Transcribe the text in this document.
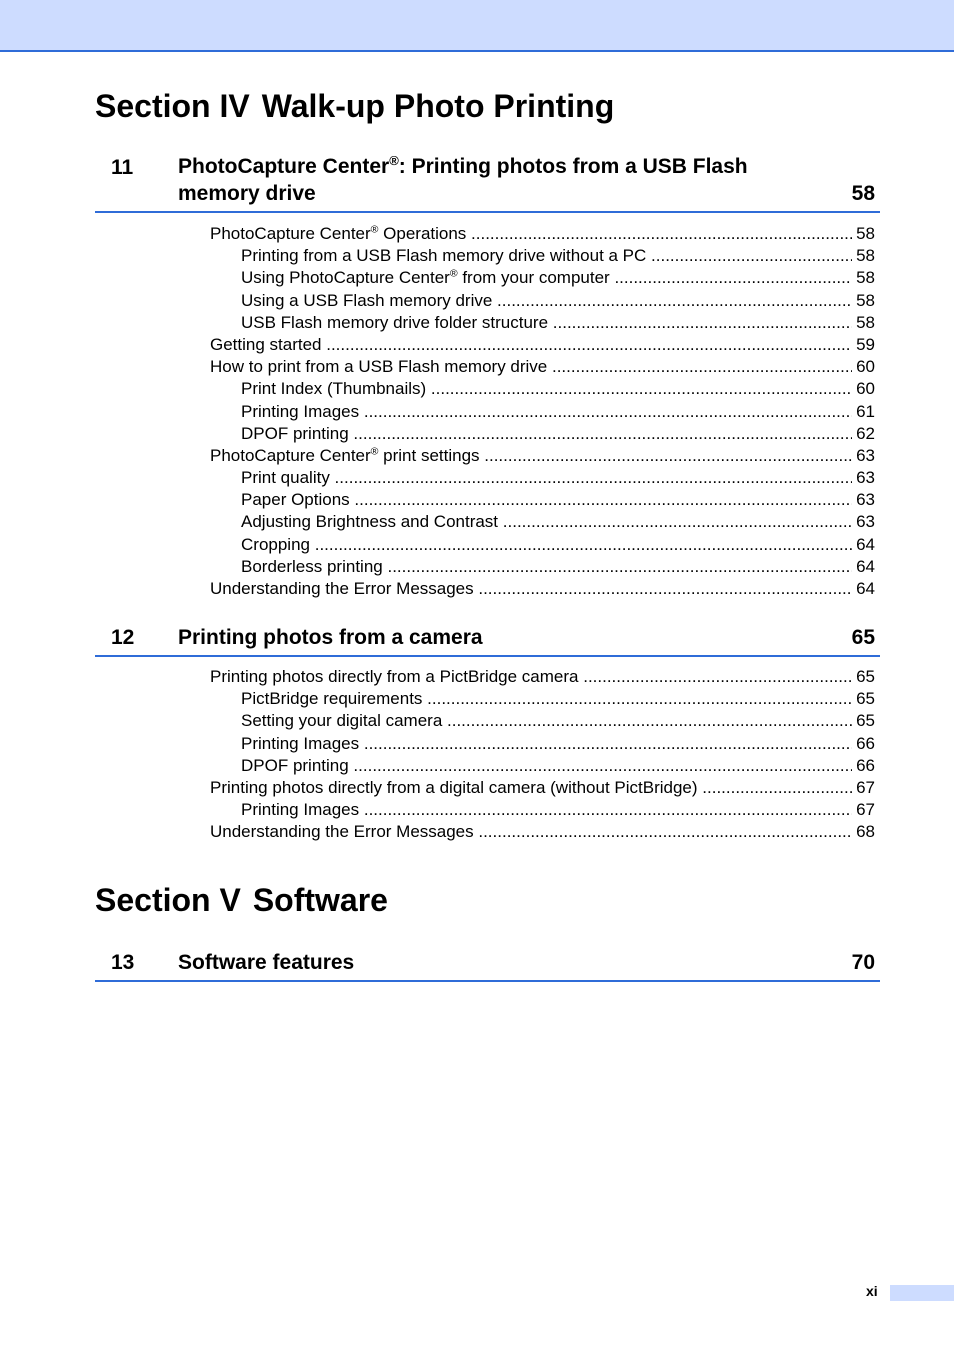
Section IV Walk-up Photo Printing
11 PhotoCapture Center®: Printing photos from a USB Flash
memory drive	58
PhotoCapture Center® Operations .....	58
Printing from a USB Flash memory drive without a PC .....	58
Using PhotoCapture Center® from your computer .....	58
Using a USB Flash memory drive .....	58
USB Flash memory drive folder structure .....	58
Getting started .....	59
How to print from a USB Flash memory drive .....	60
Print Index (Thumbnails) .....	60
Printing Images .....	61
DPOF printing .....	62
PhotoCapture Center® print settings .....	63
Print quality .....	63
Paper Options .....	63
Adjusting Brightness and Contrast .....	63
Cropping .....	64
Borderless printing .....	64
Understanding the Error Messages .....	64
12 Printing photos from a camera	65
Printing photos directly from a PictBridge camera .....	65
PictBridge requirements .....	65
Setting your digital camera .....	65
Printing Images .....	66
DPOF printing .....	66
Printing photos directly from a digital camera (without PictBridge) .....	67
Printing Images .....	67
Understanding the Error Messages .....	68
Section V Software
13 Software features	70
xi
